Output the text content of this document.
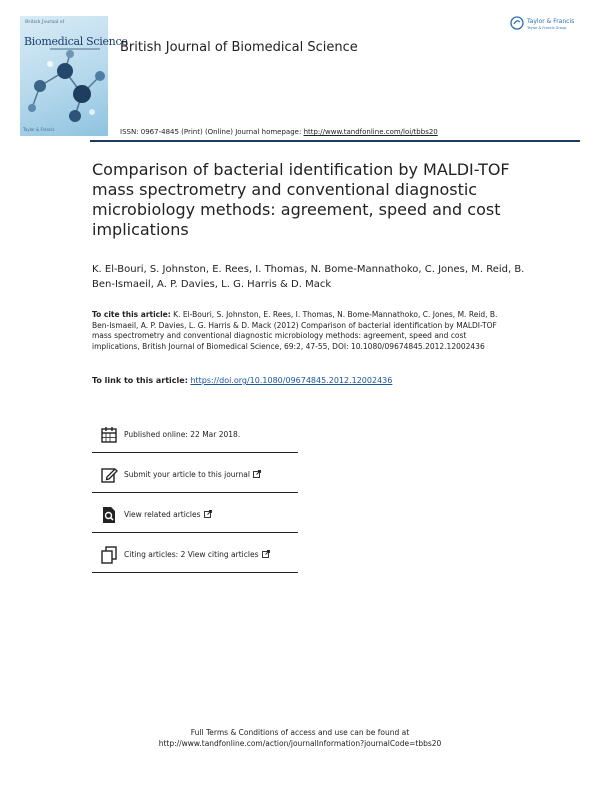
British Journal of
Biomedical Science
Taylor & Francis
British Journal of Biomedical Science
Taylor & Francis
Taylor & Francis Group
ISSN: 0967-4845 (Print) (Online) Journal homepage: http://www.tandfonline.com/loi/tbbs20
Comparison of bacterial identification by MALDI-TOF mass spectrometry and conventional diagnostic microbiology methods: agreement, speed and cost implications
K. El-Bouri, S. Johnston, E. Rees, I. Thomas, N. Bome-Mannathoko, C. Jones, M. Reid, B. Ben-Ismaeil, A. P. Davies, L. G. Harris & D. Mack
To cite this article: K. El-Bouri, S. Johnston, E. Rees, I. Thomas, N. Bome-Mannathoko, C. Jones, M. Reid, B. Ben-Ismaeil, A. P. Davies, L. G. Harris & D. Mack (2012) Comparison of bacterial identification by MALDI-TOF mass spectrometry and conventional diagnostic microbiology methods: agreement, speed and cost implications, British Journal of Biomedical Science, 69:2, 47-55, DOI: 10.1080/09674845.2012.12002436
To link to this article: https://doi.org/10.1080/09674845.2012.12002436
Published online: 22 Mar 2018.
Submit your article to this journal
View related articles
Citing articles: 2 View citing articles
Full Terms & Conditions of access and use can be found at
http://www.tandfonline.com/action/journalInformation?journalCode=tbbs20
